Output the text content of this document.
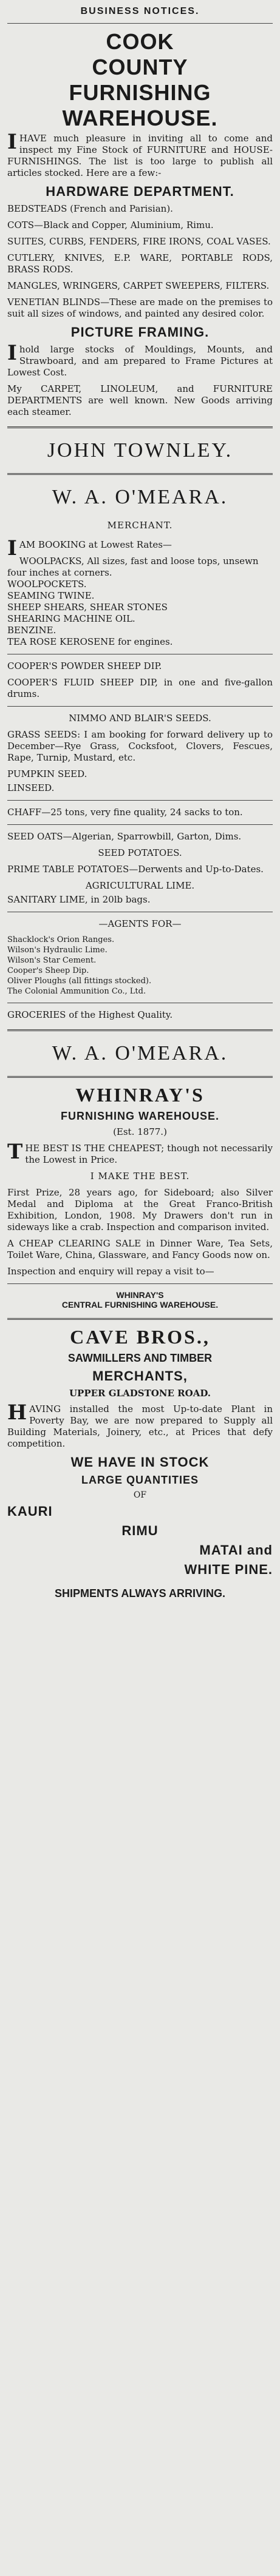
BUSINESS NOTICES.
COOK
COUNTY
FURNISHING
WAREHOUSE.

IHAVE much pleasure in inviting all to come and inspect my Fine Stock of FURNITURE and HOUSE-FURNISHINGS. The list is too large to publish all articles stocked. Here are a few:-

HARDWARE DEPARTMENT.

BEDSTEADS (French and Parisian).

COTS—Black and Copper, Aluminium, Rimu.

SUITES, CURBS, FENDERS, FIRE IRONS, COAL VASES.

CUTLERY, KNIVES, E.P. WARE, PORTABLE RODS, BRASS RODS.

MANGLES, WRINGERS, CARPET SWEEPERS, FILTERS.

VENETIAN BLINDS—These are made on the premises to suit all sizes of windows, and painted any desired color.

PICTURE FRAMING.

Ihold large stocks of Mouldings, Mounts, and Strawboard, and am prepared to Frame Pictures at Lowest Cost.

My CARPET, LINOLEUM, and FURNITURE DEPARTMENTS are well known. New Goods arriving each steamer.

JOHN TOWNLEY.
W. A. O'MEARA.
MERCHANT.

IAM BOOKING at Lowest Rates—

WOOLPACKS, All sizes, fast and loose tops, unsewn four inches at corners.
WOOLPOCKETS.
SEAMING TWINE.
SHEEP SHEARS, SHEAR STONES
SHEARING MACHINE OIL.
BENZINE.
TEA ROSE KEROSENE for engines.

COOPER'S POWDER SHEEP DIP.

COOPER'S FLUID SHEEP DIP, in one and five-gallon drums.

NIMMO AND BLAIR'S SEEDS.

GRASS SEEDS: I am booking for forward delivery up to December—Rye Grass, Cocksfoot, Clovers, Fescues, Rape, Turnip, Mustard, etc.

PUMPKIN SEED.

LINSEED.

CHAFF—25 tons, very fine quality, 24 sacks to ton.

SEED OATS—Algerian, Sparrowbill, Garton, Dims.

SEED POTATOES.

PRIME TABLE POTATOES—Derwents and Up-to-Dates.

AGRICULTURAL LIME.

SANITARY LIME, in 20lb bags.

—AGENTS FOR—

Shacklock's Orion Ranges.
Wilson's Hydraulic Lime.
Wilson's Star Cement.
Cooper's Sheep Dip.
Oliver Ploughs (all fittings stocked).
The Colonial Ammunition Co., Ltd.

GROCERIES of the Highest Quality.

W. A. O'MEARA.
WHINRAY'S
FURNISHING WAREHOUSE.

(Est. 1877.)

THE BEST IS THE CHEAPEST; though not necessarily the Lowest in Price.

I MAKE THE BEST.

First Prize, 28 years ago, for Sideboard; also Silver Medal and Diploma at the Great Franco-British Exhibition, London, 1908. My Drawers don't run in sideways like a crab. Inspection and comparison invited.

A CHEAP CLEARING SALE in Dinner Ware, Tea Sets, Toilet Ware, China, Glassware, and Fancy Goods now on.

Inspection and enquiry will repay a visit to—

WHINRAY'S
CENTRAL FURNISHING WAREHOUSE.
CAVE BROS.,
SAWMILLERS AND TIMBER
MERCHANTS,
UPPER GLADSTONE ROAD.

HAVING installed the most Up-to-date Plant in Poverty Bay, we are now prepared to Supply all Building Materials, Joinery, etc., at Prices that defy competition.

WE HAVE IN STOCK
LARGE QUANTITIES
OF
KAURI
RIMU
MATAI and
WHITE PINE.
SHIPMENTS ALWAYS ARRIVING.
